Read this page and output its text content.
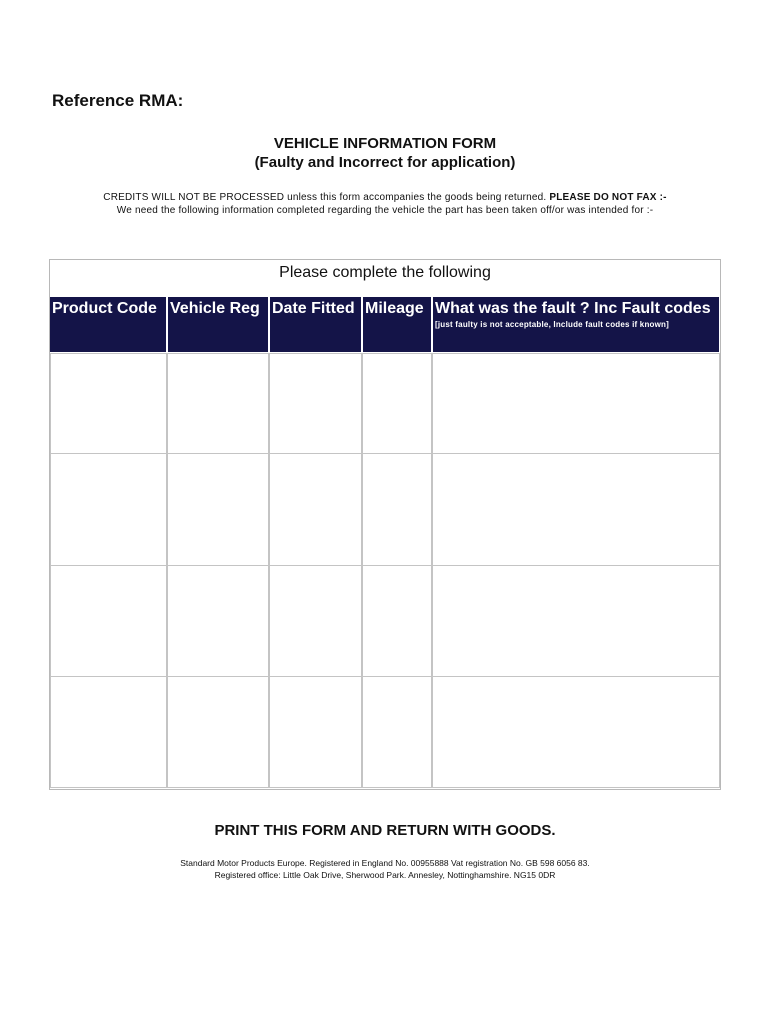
Reference RMA:
VEHICLE INFORMATION FORM
(Faulty and Incorrect for application)
CREDITS WILL NOT BE PROCESSED unless this form accompanies the goods being returned. PLEASE DO NOT FAX :-
We need the following information completed regarding the vehicle the part has been taken off/or was intended for :-
Please complete the following
Product Code Vehicle Reg Date Fitted Mileage What was the fault ? Inc Fault codes
[just faulty is not acceptable, Include fault codes if known]
PRINT THIS FORM AND RETURN WITH GOODS.
Standard Motor Products Europe. Registered in England No. 00955888 Vat registration No. GB 598 6056 83.
Registered office: Little Oak Drive, Sherwood Park. Annesley, Nottinghamshire. NG15 0DR
